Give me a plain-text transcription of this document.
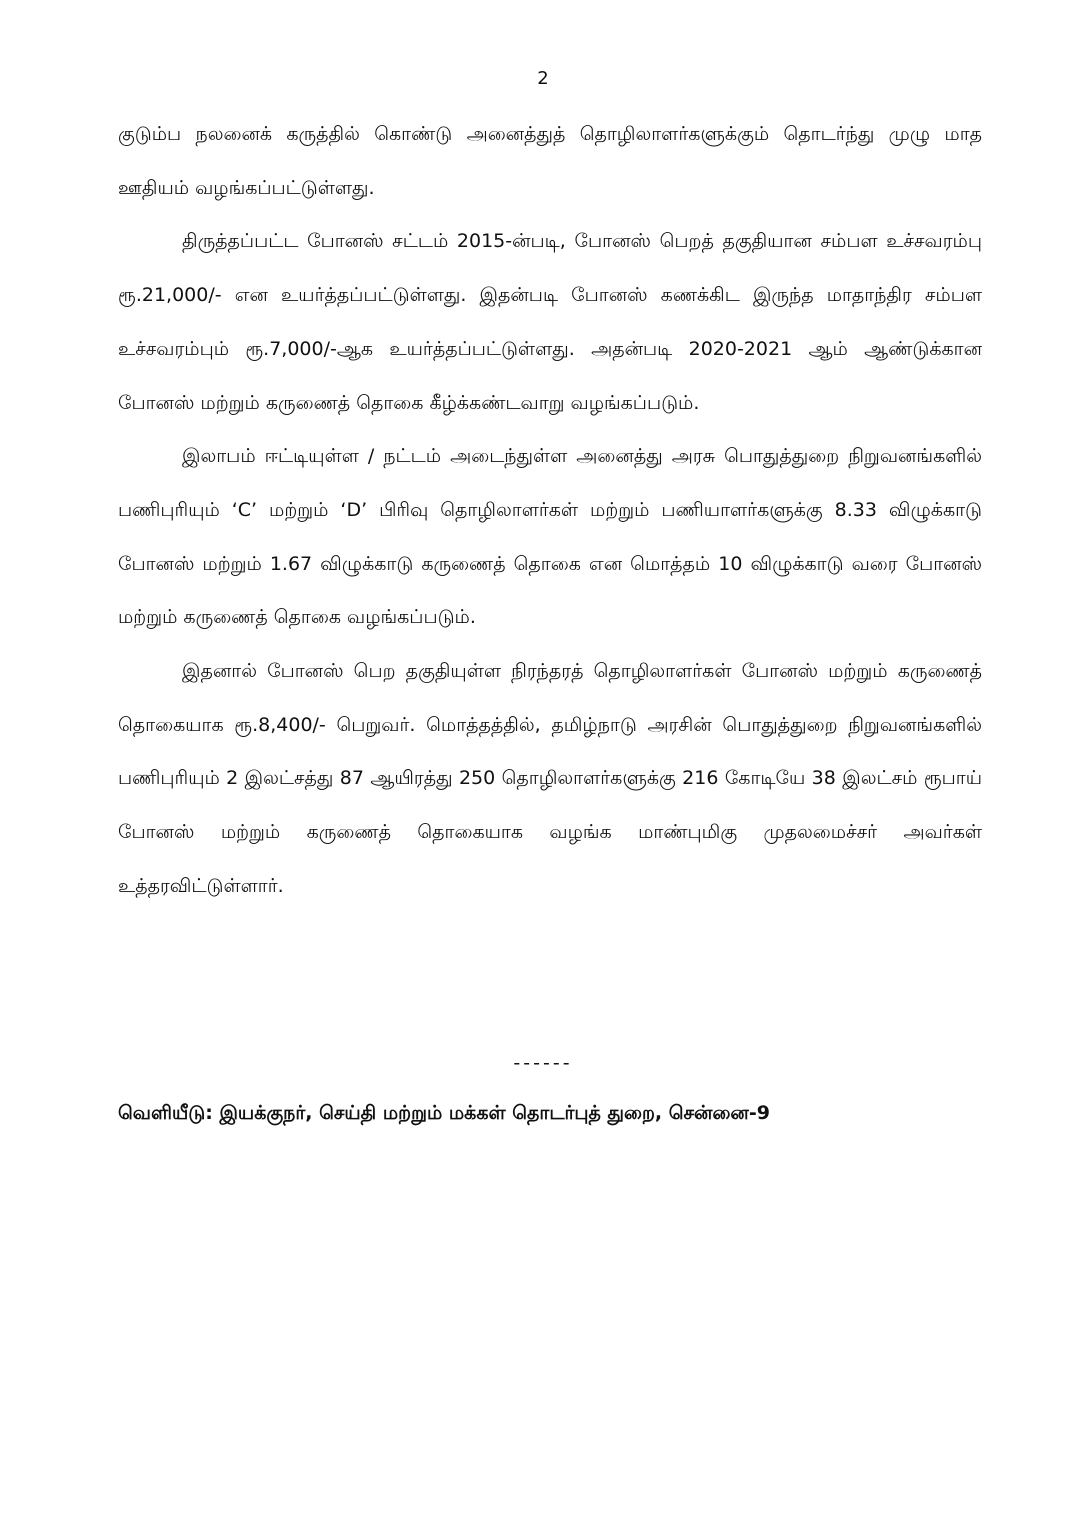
2

குடும்ப நலனைக் கருத்தில் கொண்டு அனைத்துத் தொழிலாளர்களுக்கும் தொடர்ந்து முழு மாத ஊதியம் வழங்கப்பட்டுள்ளது.

திருத்தப்பட்ட போனஸ் சட்டம் 2015-ன்படி, போனஸ் பெறத் தகுதியான சம்பள உச்சவரம்பு ரூ.21,000/- என உயர்த்தப்பட்டுள்ளது. இதன்படி போனஸ் கணக்கிட இருந்த மாதாந்திர சம்பள உச்சவரம்பும் ரூ.7,000/-ஆக உயர்த்தப்பட்டுள்ளது. அதன்படி 2020-2021 ஆம் ஆண்டுக்கான போனஸ் மற்றும் கருணைத் தொகை கீழ்க்கண்டவாறு வழங்கப்படும்.

இலாபம் ஈட்டியுள்ள / நட்டம் அடைந்துள்ள அனைத்து அரசு பொதுத்துறை நிறுவனங்களில் பணிபுரியும் ‘C’ மற்றும் ‘D’ பிரிவு தொழிலாளர்கள் மற்றும் பணியாளர்களுக்கு 8.33 விழுக்காடு போனஸ் மற்றும் 1.67 விழுக்காடு கருணைத் தொகை என மொத்தம் 10 விழுக்காடு வரை போனஸ் மற்றும் கருணைத் தொகை வழங்கப்படும்.

இதனால் போனஸ் பெற தகுதியுள்ள நிரந்தரத் தொழிலாளர்கள் போனஸ் மற்றும் கருணைத் தொகையாக ரூ.8,400/- பெறுவர். மொத்தத்தில், தமிழ்நாடு அரசின் பொதுத்துறை நிறுவனங்களில் பணிபுரியும் 2 இலட்சத்து 87 ஆயிரத்து 250 தொழிலாளர்களுக்கு 216 கோடியே 38 இலட்சம் ரூபாய் போனஸ் மற்றும் கருணைத் தொகையாக வழங்க மாண்புமிகு முதலமைச்சர் அவர்கள் உத்தரவிட்டுள்ளார்.

------
வெளியீடு: இயக்குநர், செய்தி மற்றும் மக்கள் தொடர்புத் துறை, சென்னை-9
